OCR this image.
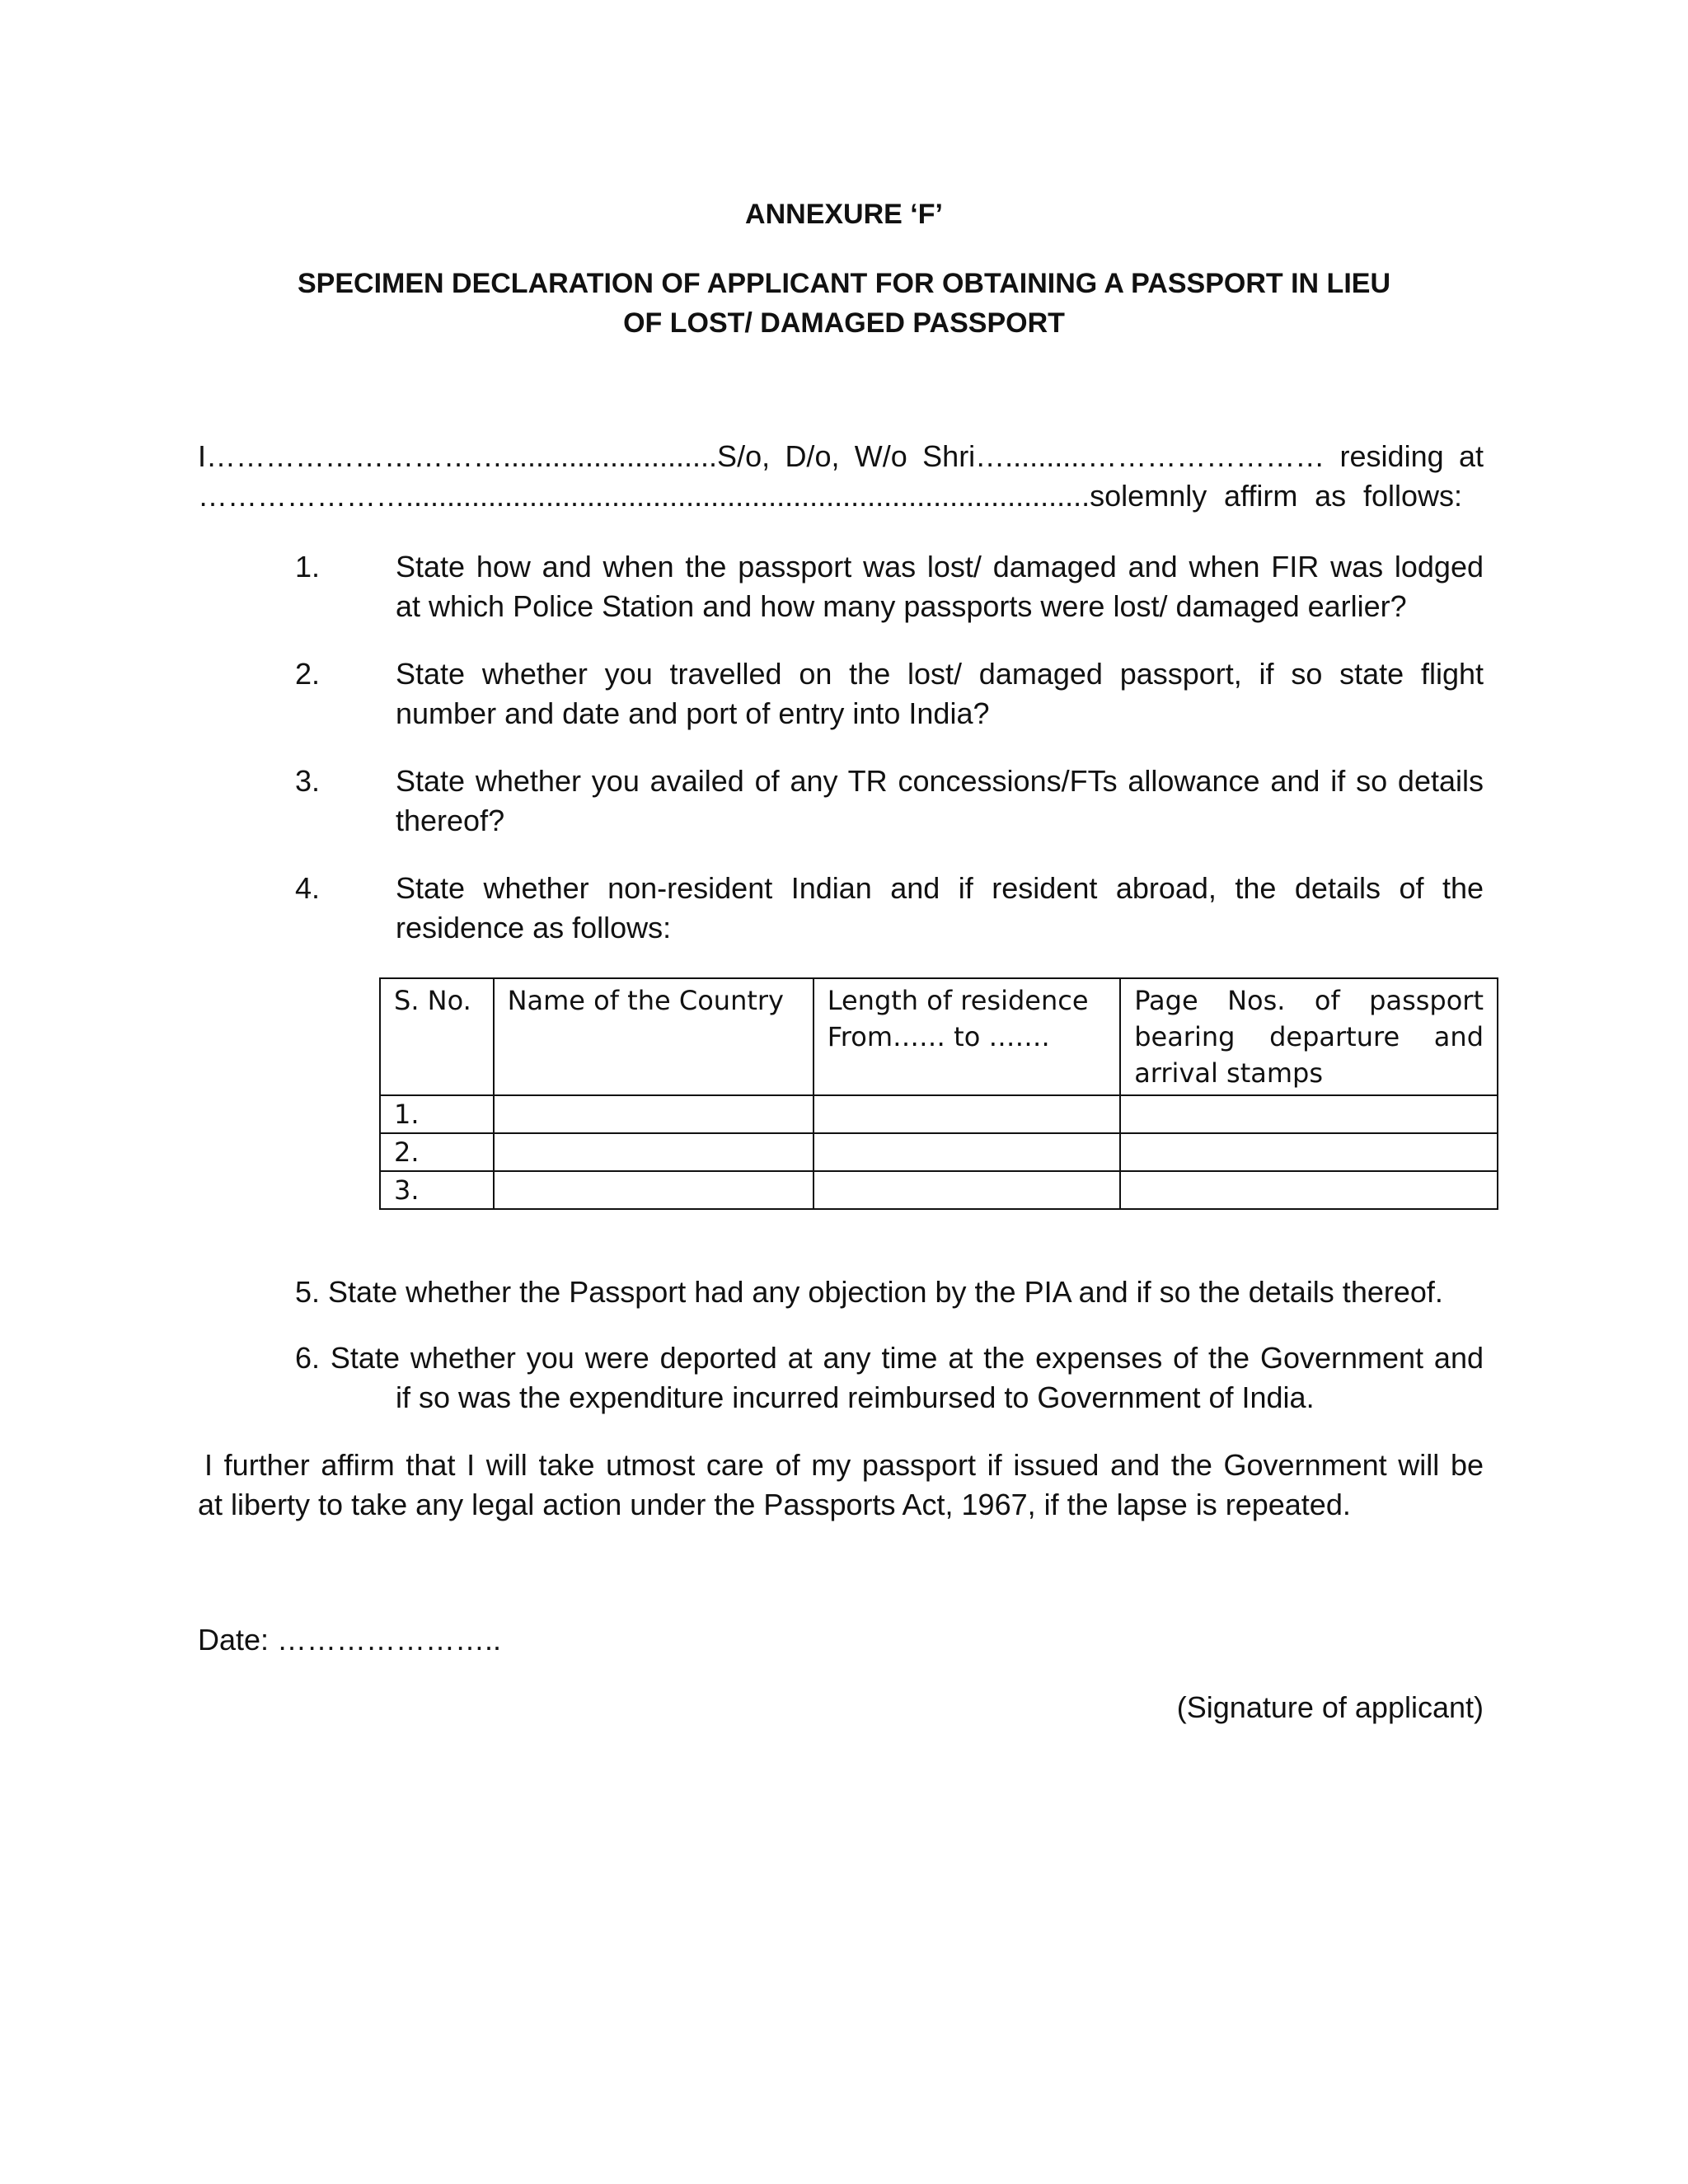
ANNEXURE ‘F’
SPECIMEN DECLARATION OF APPLICANT FOR OBTAINING A PASSPORT IN LIEU
OF LOST/ DAMAGED PASSPORT
I…………………………..........................S/o, D/o, W/o Shri…..........…………………… residing at
…………………...................................................................................solemnly affirm as follows:
1.	State how and when the passport was lost/ damaged and when FIR was lodged
at which Police Station and how many passports were lost/ damaged earlier?
2.	State whether you travelled on the lost/ damaged passport, if so state flight
number and date and port of entry into India?
3.	State whether you availed of any TR concessions/FTs allowance and if so details
thereof?
4.	State whether non-resident Indian and if resident abroad, the details of the
residence as follows:
S. No.	Name of the Country	Length of residence From…… to …….	Page Nos. of passport bearing departure and arrival stamps
1.			
2.			
3.			
5. State whether the Passport had any objection by the PIA and if so the details thereof.
6. State whether you were deported at any time at the expenses of the Government and
if so was the expenditure incurred reimbursed to Government of India.
I further affirm that I will take utmost care of my passport if issued and the Government will be
at liberty to take any legal action under the Passports Act, 1967, if the lapse is repeated.
Date: …………………..
(Signature of applicant)
